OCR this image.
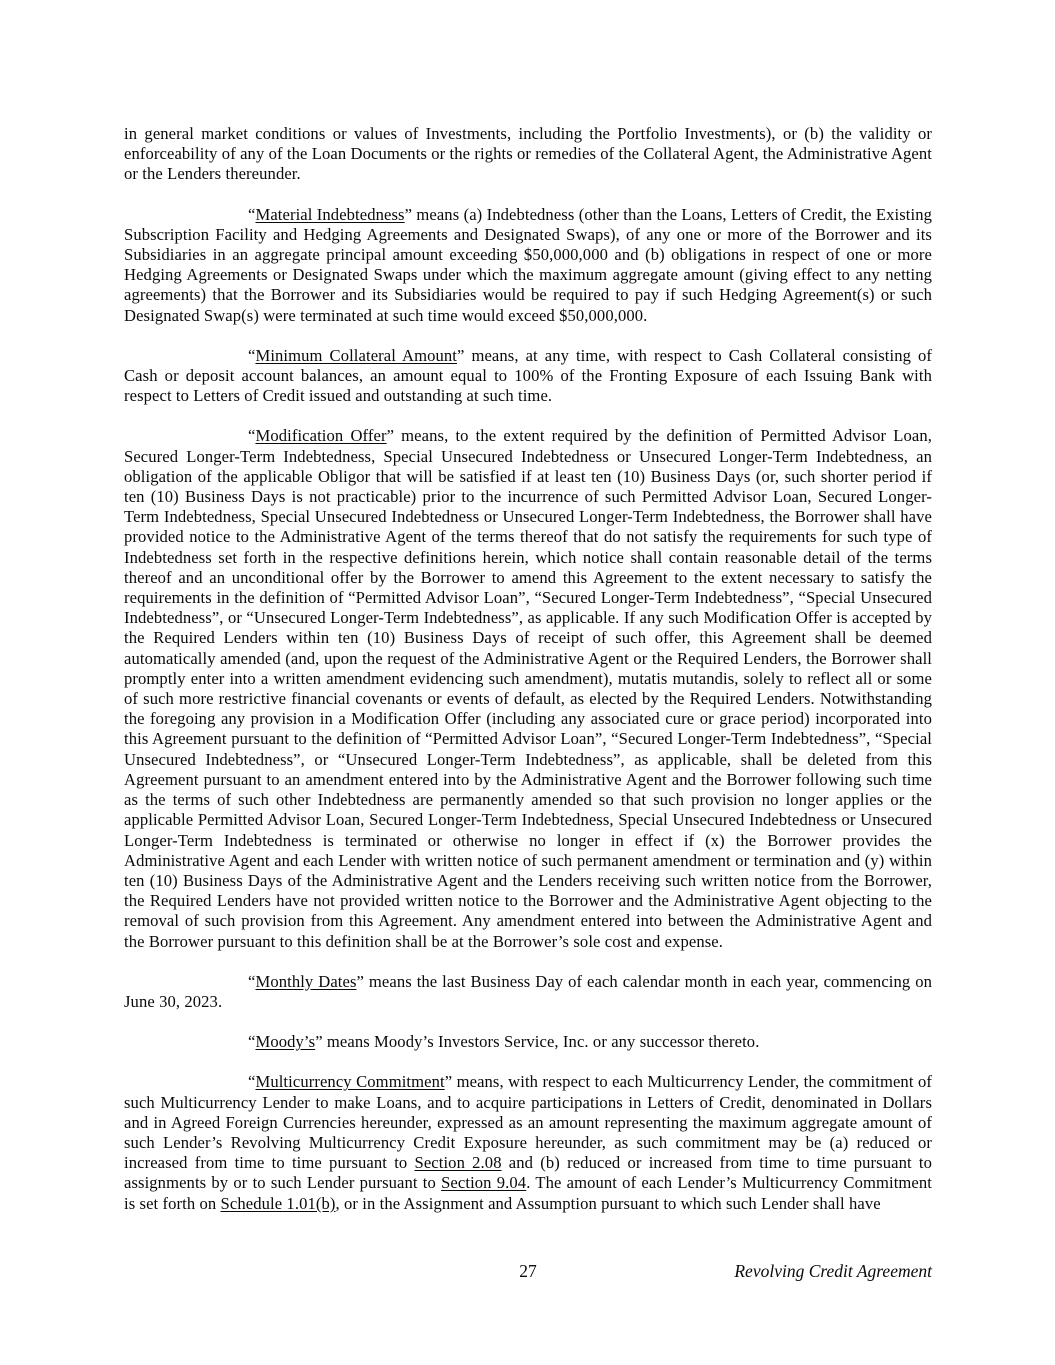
in general market conditions or values of Investments, including the Portfolio Investments), or (b) the validity or enforceability of any of the Loan Documents or the rights or remedies of the Collateral Agent, the Administrative Agent or the Lenders thereunder.

“Material Indebtedness” means (a) Indebtedness (other than the Loans, Letters of Credit, the Existing Subscription Facility and Hedging Agreements and Designated Swaps), of any one or more of the Borrower and its Subsidiaries in an aggregate principal amount exceeding $50,000,000 and (b) obligations in respect of one or more Hedging Agreements or Designated Swaps under which the maximum aggregate amount (giving effect to any netting agreements) that the Borrower and its Subsidiaries would be required to pay if such Hedging Agreement(s) or such Designated Swap(s) were terminated at such time would exceed $50,000,000.

“Minimum Collateral Amount” means, at any time, with respect to Cash Collateral consisting of Cash or deposit account balances, an amount equal to 100% of the Fronting Exposure of each Issuing Bank with respect to Letters of Credit issued and outstanding at such time.

“Modification Offer” means, to the extent required by the definition of Permitted Advisor Loan, Secured Longer-Term Indebtedness, Special Unsecured Indebtedness or Unsecured Longer-Term Indebtedness, an obligation of the applicable Obligor that will be satisfied if at least ten (10) Business Days (or, such shorter period if ten (10) Business Days is not practicable) prior to the incurrence of such Permitted Advisor Loan, Secured Longer-Term Indebtedness, Special Unsecured Indebtedness or Unsecured Longer-Term Indebtedness, the Borrower shall have provided notice to the Administrative Agent of the terms thereof that do not satisfy the requirements for such type of Indebtedness set forth in the respective definitions herein, which notice shall contain reasonable detail of the terms thereof and an unconditional offer by the Borrower to amend this Agreement to the extent necessary to satisfy the requirements in the definition of “Permitted Advisor Loan”, “Secured Longer-Term Indebtedness”, “Special Unsecured Indebtedness”, or “Unsecured Longer-Term Indebtedness”, as applicable. If any such Modification Offer is accepted by the Required Lenders within ten (10) Business Days of receipt of such offer, this Agreement shall be deemed automatically amended (and, upon the request of the Administrative Agent or the Required Lenders, the Borrower shall promptly enter into a written amendment evidencing such amendment), mutatis mutandis, solely to reflect all or some of such more restrictive financial covenants or events of default, as elected by the Required Lenders. Notwithstanding the foregoing any provision in a Modification Offer (including any associated cure or grace period) incorporated into this Agreement pursuant to the definition of “Permitted Advisor Loan”, “Secured Longer-Term Indebtedness”, “Special Unsecured Indebtedness”, or “Unsecured Longer-Term Indebtedness”, as applicable, shall be deleted from this Agreement pursuant to an amendment entered into by the Administrative Agent and the Borrower following such time as the terms of such other Indebtedness are permanently amended so that such provision no longer applies or the applicable Permitted Advisor Loan, Secured Longer-Term Indebtedness, Special Unsecured Indebtedness or Unsecured Longer-Term Indebtedness is terminated or otherwise no longer in effect if (x) the Borrower provides the Administrative Agent and each Lender with written notice of such permanent amendment or termination and (y) within ten (10) Business Days of the Administrative Agent and the Lenders receiving such written notice from the Borrower, the Required Lenders have not provided written notice to the Borrower and the Administrative Agent objecting to the removal of such provision from this Agreement. Any amendment entered into between the Administrative Agent and the Borrower pursuant to this definition shall be at the Borrower’s sole cost and expense.

“Monthly Dates” means the last Business Day of each calendar month in each year, commencing on June 30, 2023.

“Moody’s” means Moody’s Investors Service, Inc. or any successor thereto.

“Multicurrency Commitment” means, with respect to each Multicurrency Lender, the commitment of such Multicurrency Lender to make Loans, and to acquire participations in Letters of Credit, denominated in Dollars and in Agreed Foreign Currencies hereunder, expressed as an amount representing the maximum aggregate amount of such Lender’s Revolving Multicurrency Credit Exposure hereunder, as such commitment may be (a) reduced or increased from time to time pursuant to Section 2.08 and (b) reduced or increased from time to time pursuant to assignments by or to such Lender pursuant to Section 9.04. The amount of each Lender’s Multicurrency Commitment is set forth on Schedule 1.01(b), or in the Assignment and Assumption pursuant to which such Lender shall have

27	Revolving Credit Agreement
